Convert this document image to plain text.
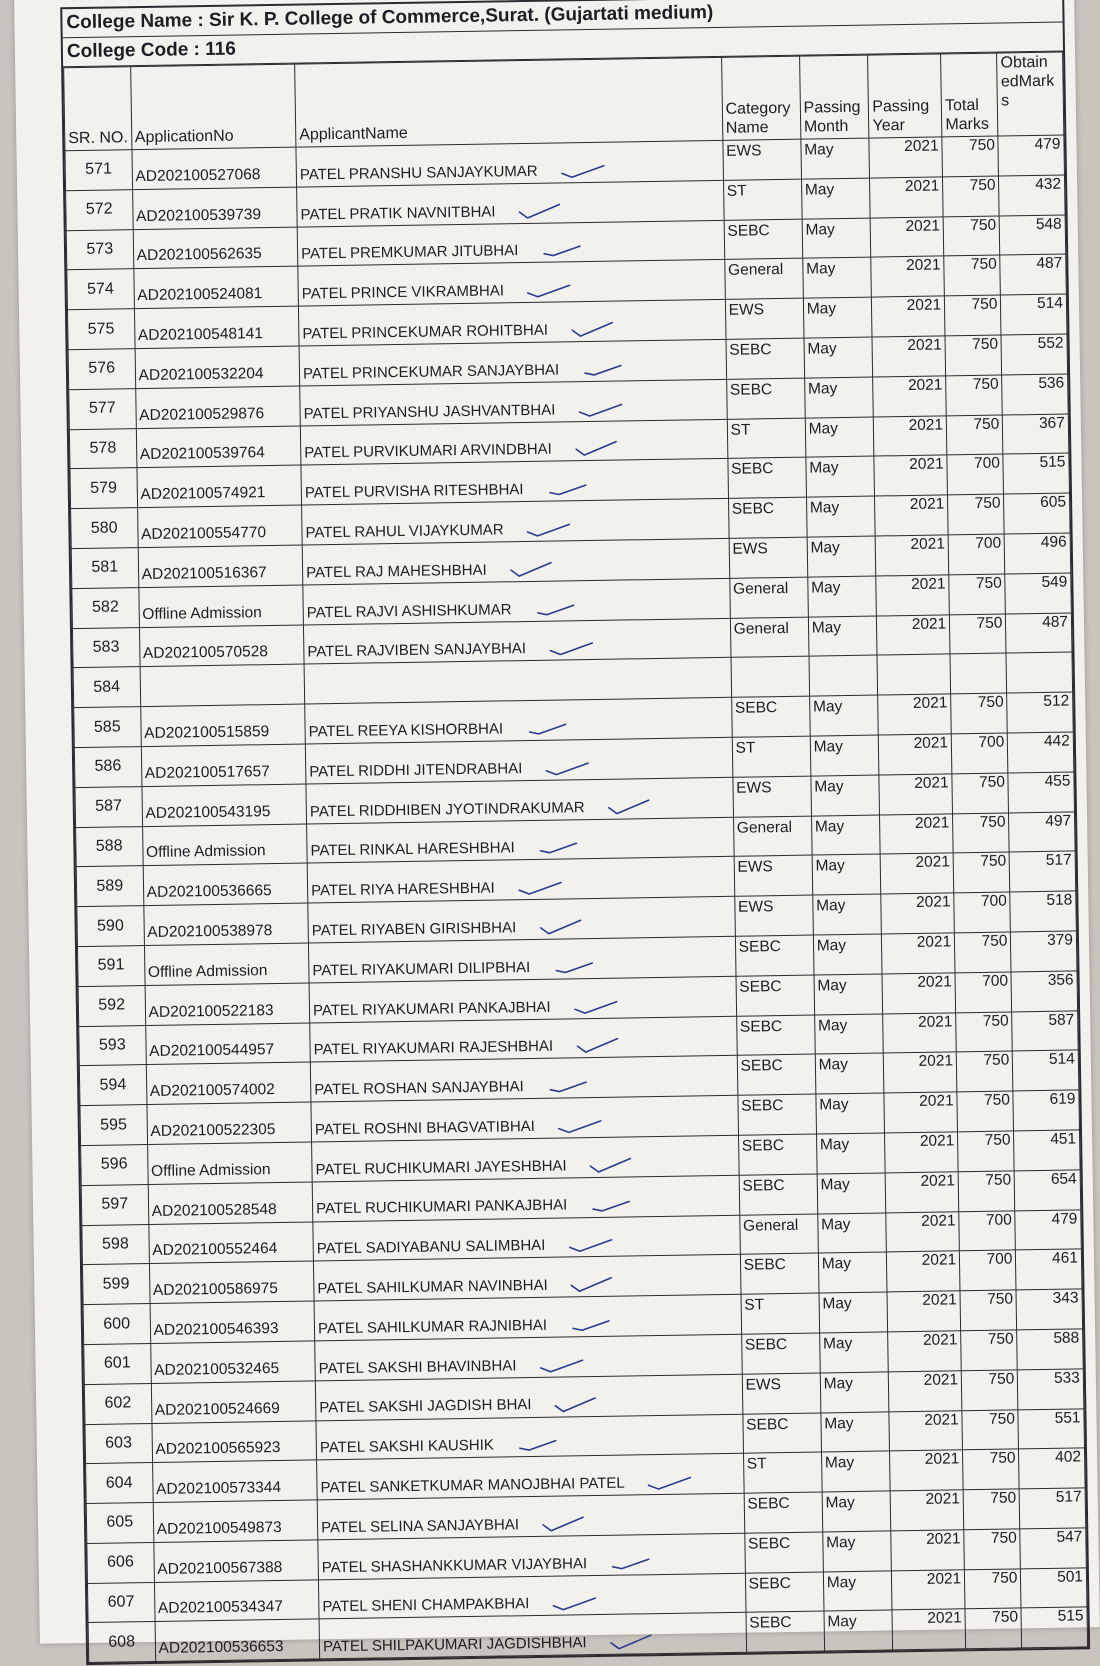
College Name : Sir K. P. College of Commerce,Surat. (Gujartati medium)
College Code : 116
SR. NO.	ApplicationNo	ApplicantName	Category Name	Passing Month	Passing Year	Total Marks	Obtain edMark s
571	AD202100527068	PATEL PRANSHU SANJAYKUMAR	EWS	May	2021	750	479
572	AD202100539739	PATEL PRATIK NAVNITBHAI	ST	May	2021	750	432
573	AD202100562635	PATEL PREMKUMAR JITUBHAI	SEBC	May	2021	750	548
574	AD202100524081	PATEL PRINCE VIKRAMBHAI	General	May	2021	750	487
575	AD202100548141	PATEL PRINCEKUMAR ROHITBHAI	EWS	May	2021	750	514
576	AD202100532204	PATEL PRINCEKUMAR SANJAYBHAI	SEBC	May	2021	750	552
577	AD202100529876	PATEL PRIYANSHU JASHVANTBHAI	SEBC	May	2021	750	536
578	AD202100539764	PATEL PURVIKUMARI ARVINDBHAI	ST	May	2021	750	367
579	AD202100574921	PATEL PURVISHA RITESHBHAI	SEBC	May	2021	700	515
580	AD202100554770	PATEL RAHUL VIJAYKUMAR	SEBC	May	2021	750	605
581	AD202100516367	PATEL RAJ MAHESHBHAI	EWS	May	2021	700	496
582	Offline Admission	PATEL RAJVI ASHISHKUMAR	General	May	2021	750	549
583	AD202100570528	PATEL RAJVIBEN SANJAYBHAI	General	May	2021	750	487
584							
585	AD202100515859	PATEL REEYA KISHORBHAI	SEBC	May	2021	750	512
586	AD202100517657	PATEL RIDDHI JITENDRABHAI	ST	May	2021	700	442
587	AD202100543195	PATEL RIDDHIBEN JYOTINDRAKUMAR	EWS	May	2021	750	455
588	Offline Admission	PATEL RINKAL HARESHBHAI	General	May	2021	750	497
589	AD202100536665	PATEL RIYA HARESHBHAI	EWS	May	2021	750	517
590	AD202100538978	PATEL RIYABEN GIRISHBHAI	EWS	May	2021	700	518
591	Offline Admission	PATEL RIYAKUMARI DILIPBHAI	SEBC	May	2021	750	379
592	AD202100522183	PATEL RIYAKUMARI PANKAJBHAI	SEBC	May	2021	700	356
593	AD202100544957	PATEL RIYAKUMARI RAJESHBHAI	SEBC	May	2021	750	587
594	AD202100574002	PATEL ROSHAN SANJAYBHAI	SEBC	May	2021	750	514
595	AD202100522305	PATEL ROSHNI BHAGVATIBHAI	SEBC	May	2021	750	619
596	Offline Admission	PATEL RUCHIKUMARI JAYESHBHAI	SEBC	May	2021	750	451
597	AD202100528548	PATEL RUCHIKUMARI PANKAJBHAI	SEBC	May	2021	750	654
598	AD202100552464	PATEL SADIYABANU SALIMBHAI	General	May	2021	700	479
599	AD202100586975	PATEL SAHILKUMAR NAVINBHAI	SEBC	May	2021	700	461
600	AD202100546393	PATEL SAHILKUMAR RAJNIBHAI	ST	May	2021	750	343
601	AD202100532465	PATEL SAKSHI BHAVINBHAI	SEBC	May	2021	750	588
602	AD202100524669	PATEL SAKSHI JAGDISH BHAI	EWS	May	2021	750	533
603	AD202100565923	PATEL SAKSHI KAUSHIK	SEBC	May	2021	750	551
604	AD202100573344	PATEL SANKETKUMAR MANOJBHAI PATEL	ST	May	2021	750	402
605	AD202100549873	PATEL SELINA SANJAYBHAI	SEBC	May	2021	750	517
606	AD202100567388	PATEL SHASHANKKUMAR VIJAYBHAI	SEBC	May	2021	750	547
607	AD202100534347	PATEL SHENI CHAMPAKBHAI	SEBC	May	2021	750	501
608	AD202100536653	PATEL SHILPAKUMARI JAGDISHBHAI	SEBC	May	2021	750	515
